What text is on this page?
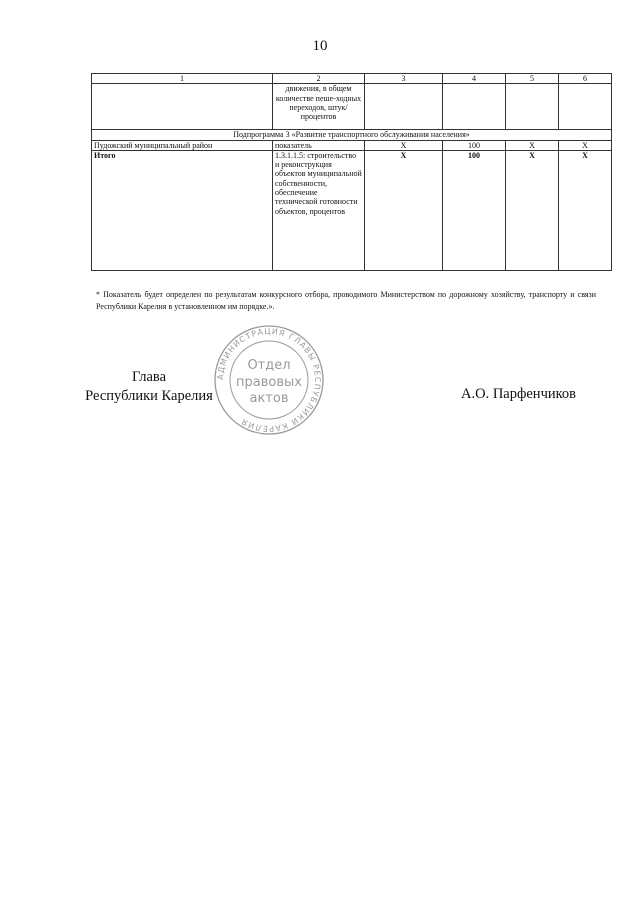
10
1	2	3	4	5	6
	движения, в общем количестве пеше-ходных переходов, штук/процентов				
Подпрограмма 3 «Развитие транспортного обслуживания населения»					
Пудожский муниципальный район	показатель	X	100	X	X
Итого	1.3.1.1.5: строительство и реконструкция объектов муниципальной собственности, обеспечение технической готовности объектов, процентов	X	100	X	X
* Показатель будет определен по результатам конкурсного отбора, проводимого Министерством по дорожному хозяйству, транспорту и связи Республики Карелия в установленном им порядке.».
АДМИНИСТРАЦИЯ ГЛАВЫ РЕСПУБЛИКИ КАРЕЛИЯ
Отдел
правовых
актов
Глава
Республики Карелия	А.О. Парфенчиков
